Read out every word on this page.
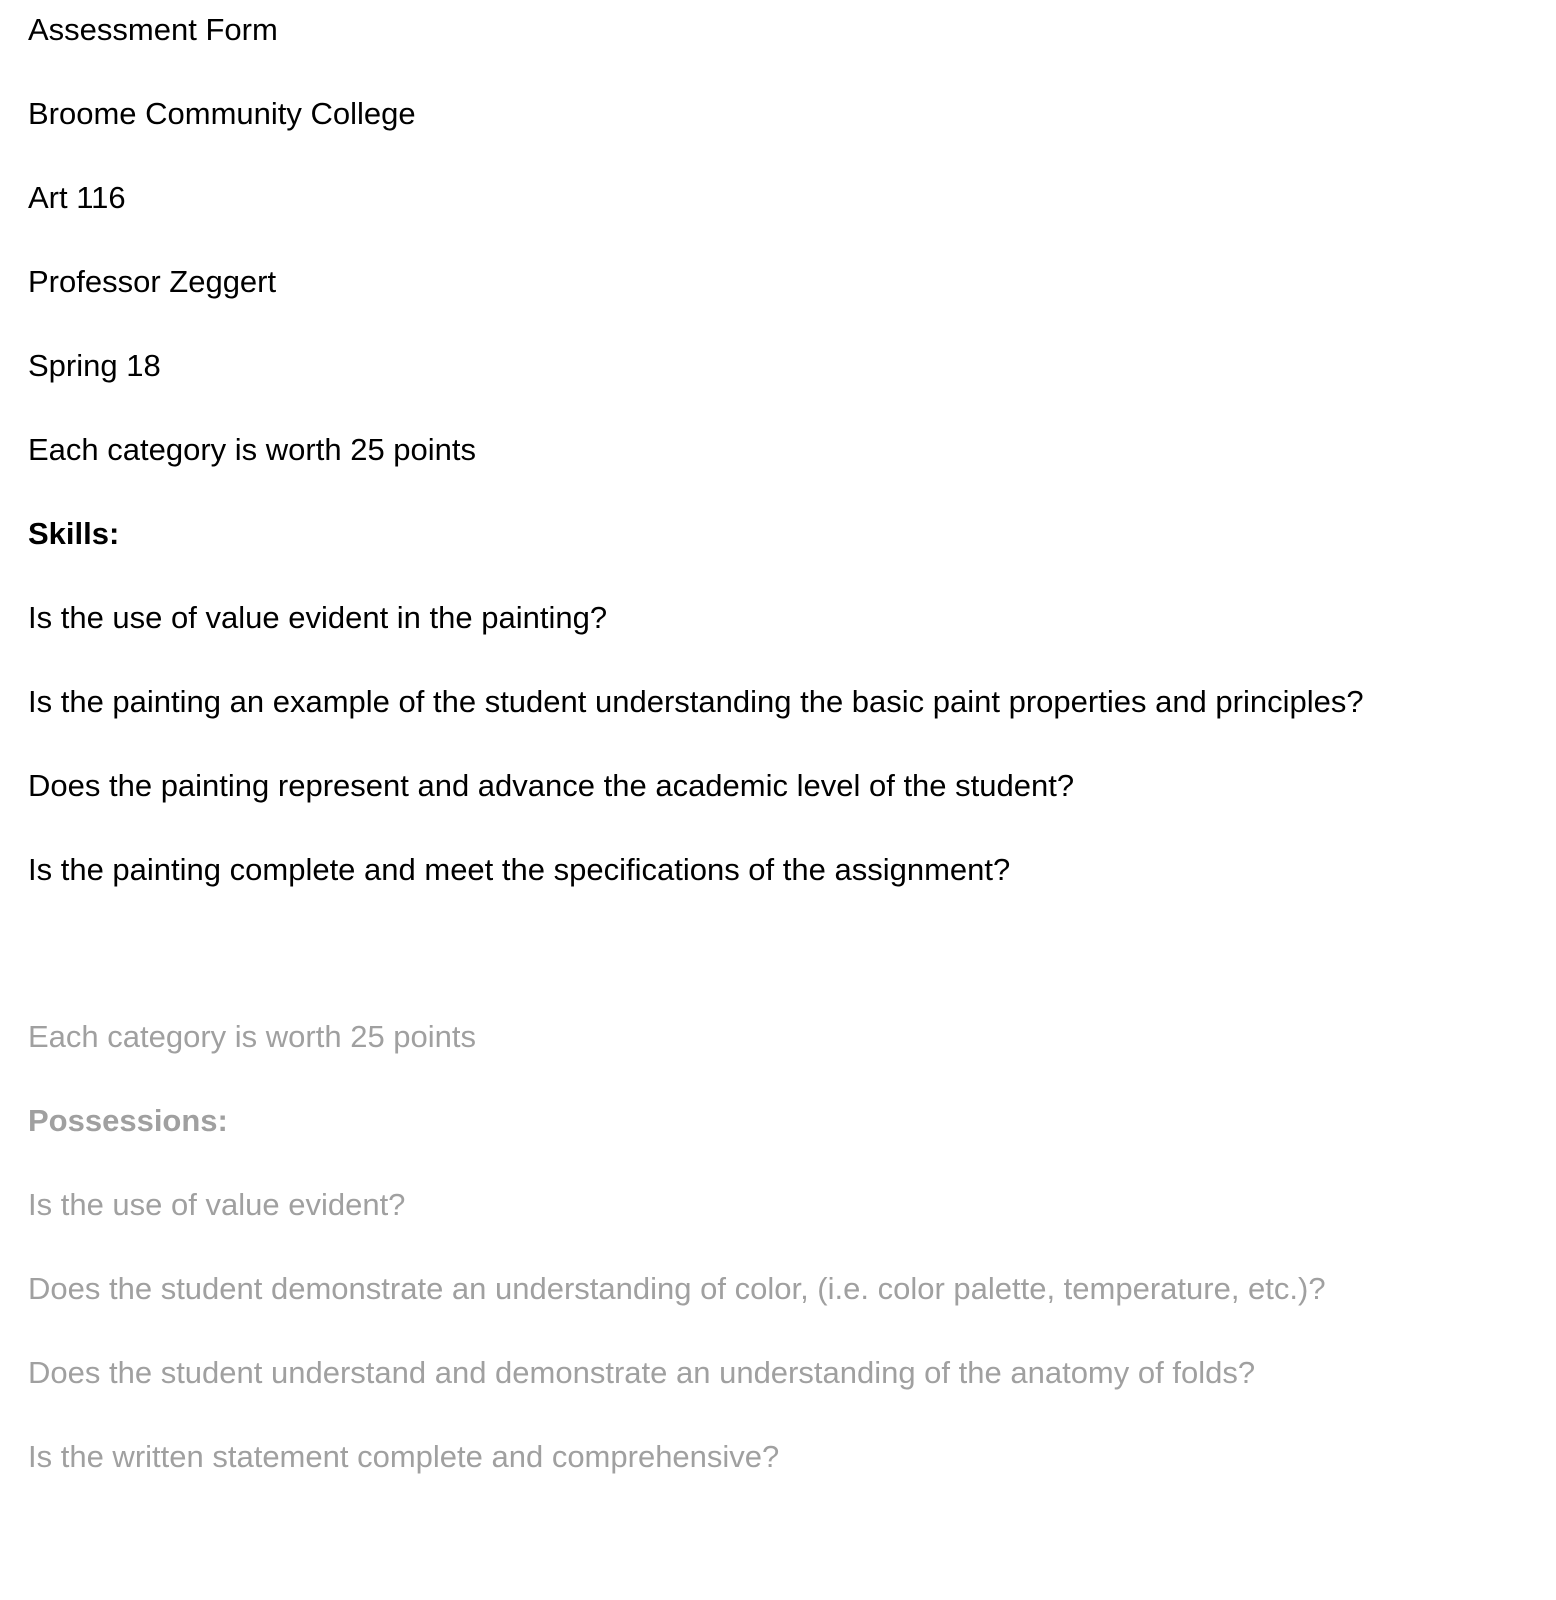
Assessment Form
Broome Community College
Art 116
Professor Zeggert
Spring 18
Each category is worth 25 points
Skills:
Is the use of value evident in the painting?
Is the painting an example of the student understanding the basic paint properties and principles?
Does the painting represent and advance the academic level of the student?
Is the painting complete and meet the specifications of the assignment?
Each category is worth 25 points
Possessions:
Is the use of value evident?
Does the student demonstrate an understanding of color, (i.e. color palette, temperature, etc.)?
Does the student understand and demonstrate an understanding of the anatomy of folds?
Is the written statement complete and comprehensive?
